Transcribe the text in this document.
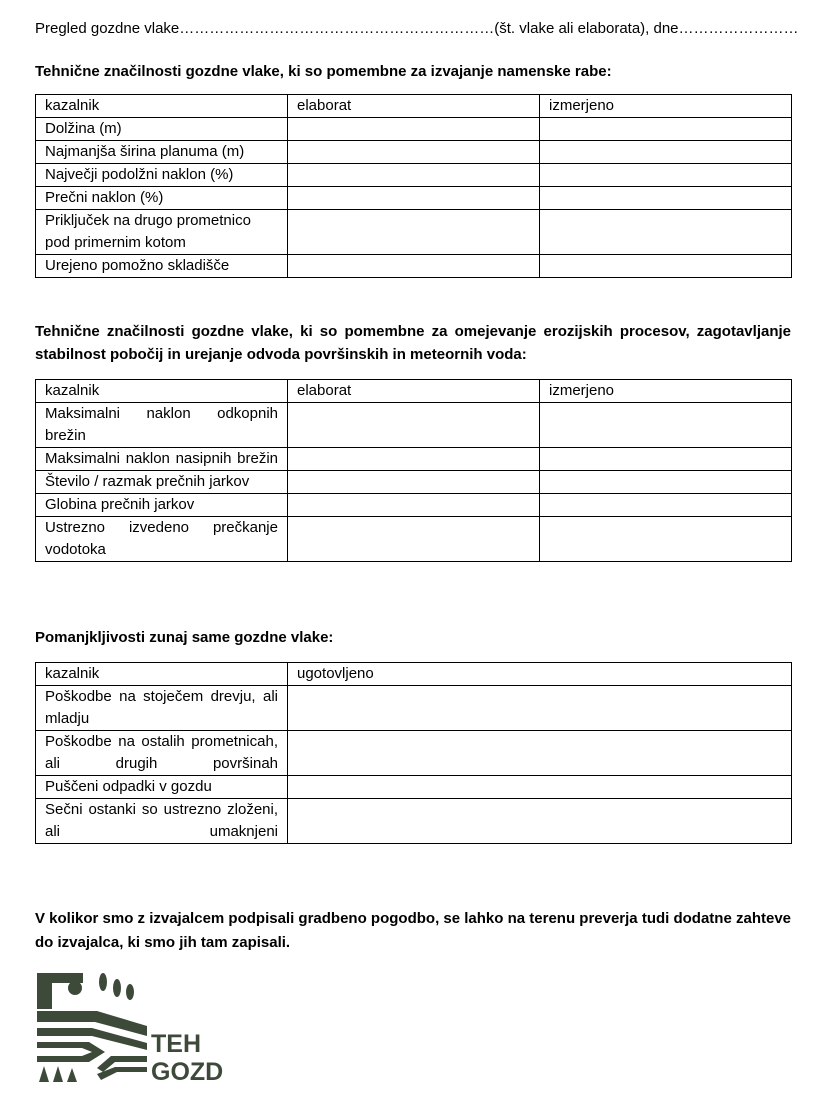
Pregled gozdne vlake………………………………………………………(št. vlake ali elaborata), dne……………………
Tehnične značilnosti gozdne vlake, ki so pomembne za izvajanje namenske rabe:
kazalnik	elaborat	izmerjeno
Dolžina (m)		
Najmanjša širina planuma (m)		
Največji podolžni naklon (%)		
Prečni naklon (%)		
Priključek na drugo prometnico pod primernim kotom		
Urejeno pomožno skladišče		
Tehnične značilnosti gozdne vlake, ki so pomembne za omejevanje erozijskih procesov, zagotavljanje stabilnost pobočij in urejanje odvoda površinskih in meteornih voda:
kazalnik	elaborat	izmerjeno
Maksimalni naklon odkopnih brežin		
Maksimalni naklon nasipnih brežin		
Število / razmak prečnih jarkov		
Globina prečnih jarkov		
Ustrezno izvedeno prečkanje vodotoka		
Pomanjkljivosti zunaj same gozdne vlake:
kazalnik	ugotovljeno
Poškodbe na stoječem drevju, ali mladju	
Poškodbe na ostalih prometnicah, ali drugih površinah	
Puščeni odpadki v gozdu	
Sečni ostanki so ustrezno zloženi, ali umaknjeni	
V kolikor smo z izvajalcem podpisali gradbeno pogodbo, se lahko na terenu preverja tudi dodatne zahteve do izvajalca, ki smo jih tam zapisali.
TEH
GOZD
